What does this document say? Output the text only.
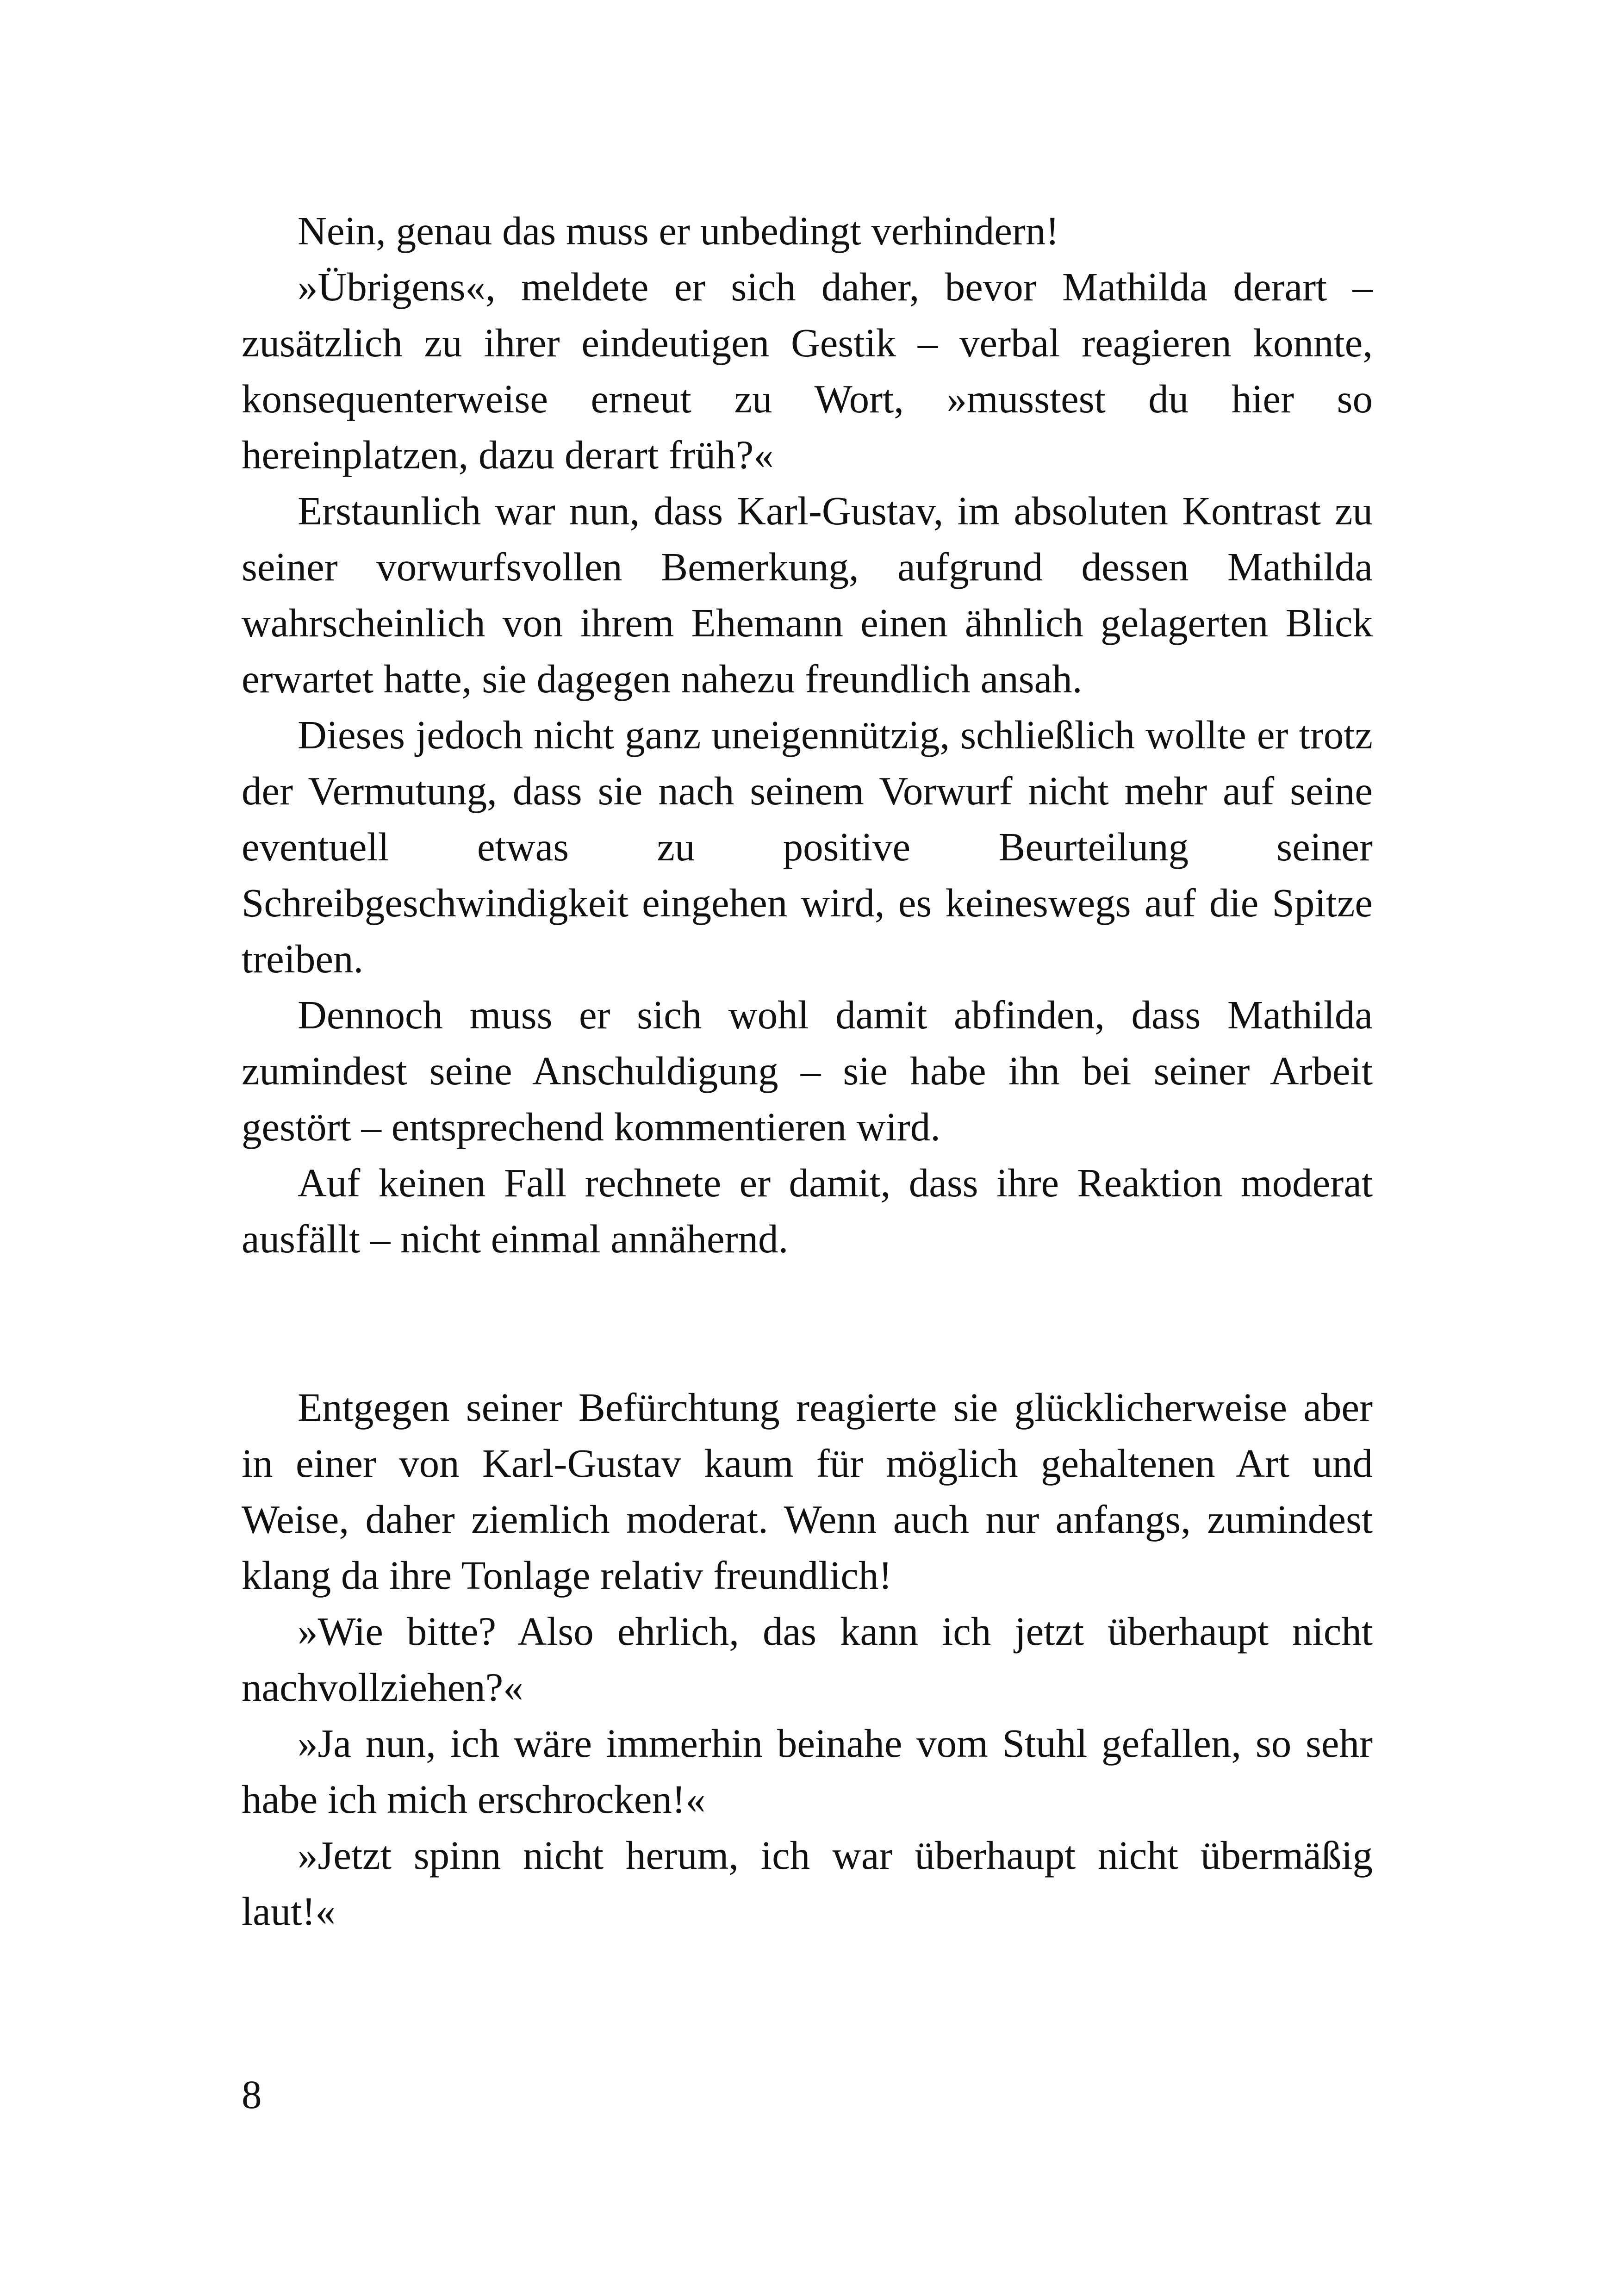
Nein, genau das muss er unbedingt verhindern!

»Übrigens«, meldete er sich daher, bevor Mathilda derart – zusätzlich zu ihrer eindeutigen Gestik – verbal reagieren konnte, konsequenterweise erneut zu Wort, »musstest du hier so hereinplatzen, dazu derart früh?«

Erstaunlich war nun, dass Karl-Gustav, im absoluten Kontrast zu seiner vorwurfsvollen Bemerkung, aufgrund dessen Mathilda wahrscheinlich von ihrem Ehemann einen ähnlich gelagerten Blick erwartet hatte, sie dagegen nahezu freundlich ansah.

Dieses jedoch nicht ganz uneigennützig, schließlich wollte er trotz der Vermutung, dass sie nach seinem Vorwurf nicht mehr auf seine eventuell etwas zu positive Beurteilung seiner Schreibgeschwindigkeit eingehen wird, es keineswegs auf die Spitze treiben.

Dennoch muss er sich wohl damit abfinden, dass Mathilda zumindest seine Anschuldigung – sie habe ihn bei seiner Arbeit gestört – entsprechend kommentieren wird.

Auf keinen Fall rechnete er damit, dass ihre Reaktion moderat ausfällt – nicht einmal annähernd.

Entgegen seiner Befürchtung reagierte sie glücklicherweise aber in einer von Karl-Gustav kaum für möglich gehaltenen Art und Weise, daher ziemlich moderat. Wenn auch nur anfangs, zumindest klang da ihre Tonlage relativ freundlich!

»Wie bitte? Also ehrlich, das kann ich jetzt überhaupt nicht nachvollziehen?«

»Ja nun, ich wäre immerhin beinahe vom Stuhl gefallen, so sehr habe ich mich erschrocken!«

»Jetzt spinn nicht herum, ich war überhaupt nicht übermäßig laut!«

8
